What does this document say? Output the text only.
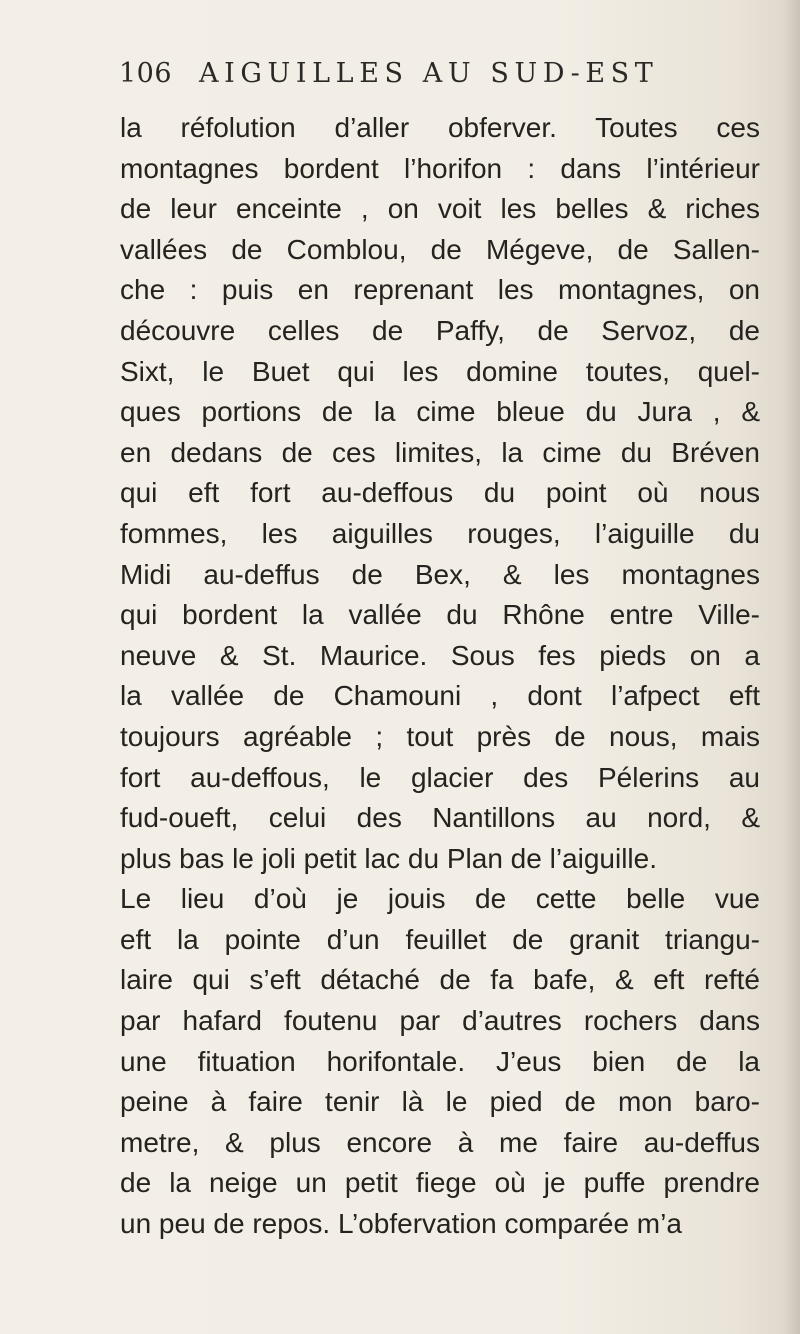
106 AIGUILLES AU SUD-EST
la réfolution d’aller obferver. Toutes ces
montagnes bordent l’horifon : dans l’intérieur
de leur enceinte , on voit les belles & riches
vallées de Comblou, de Mégeve, de Sallen-
che : puis en reprenant les montagnes, on
découvre celles de Paffy, de Servoz, de
Sixt, le Buet qui les domine toutes, quel-
ques portions de la cime bleue du Jura , &
en dedans de ces limites, la cime du Bréven
qui eft fort au-deffous du point où nous
fommes, les aiguilles rouges, l’aiguille du
Midi au-deffus de Bex, & les montagnes
qui bordent la vallée du Rhône entre Ville-
neuve & St. Maurice. Sous fes pieds on a
la vallée de Chamouni , dont l’afpect eft
toujours agréable ; tout près de nous, mais
fort au-deffous, le glacier des Pélerins au
fud-oueft, celui des Nantillons au nord, &
plus bas le joli petit lac du Plan de l’aiguille.
Le lieu d’où je jouis de cette belle vue
eft la pointe d’un feuillet de granit triangu-
laire qui s’eft détaché de fa bafe, & eft refté
par hafard foutenu par d’autres rochers dans
une fituation horifontale. J’eus bien de la
peine à faire tenir là le pied de mon baro-
metre, & plus encore à me faire au-deffus
de la neige un petit fiege où je puffe prendre
un peu de repos. L’obfervation comparée m’a
